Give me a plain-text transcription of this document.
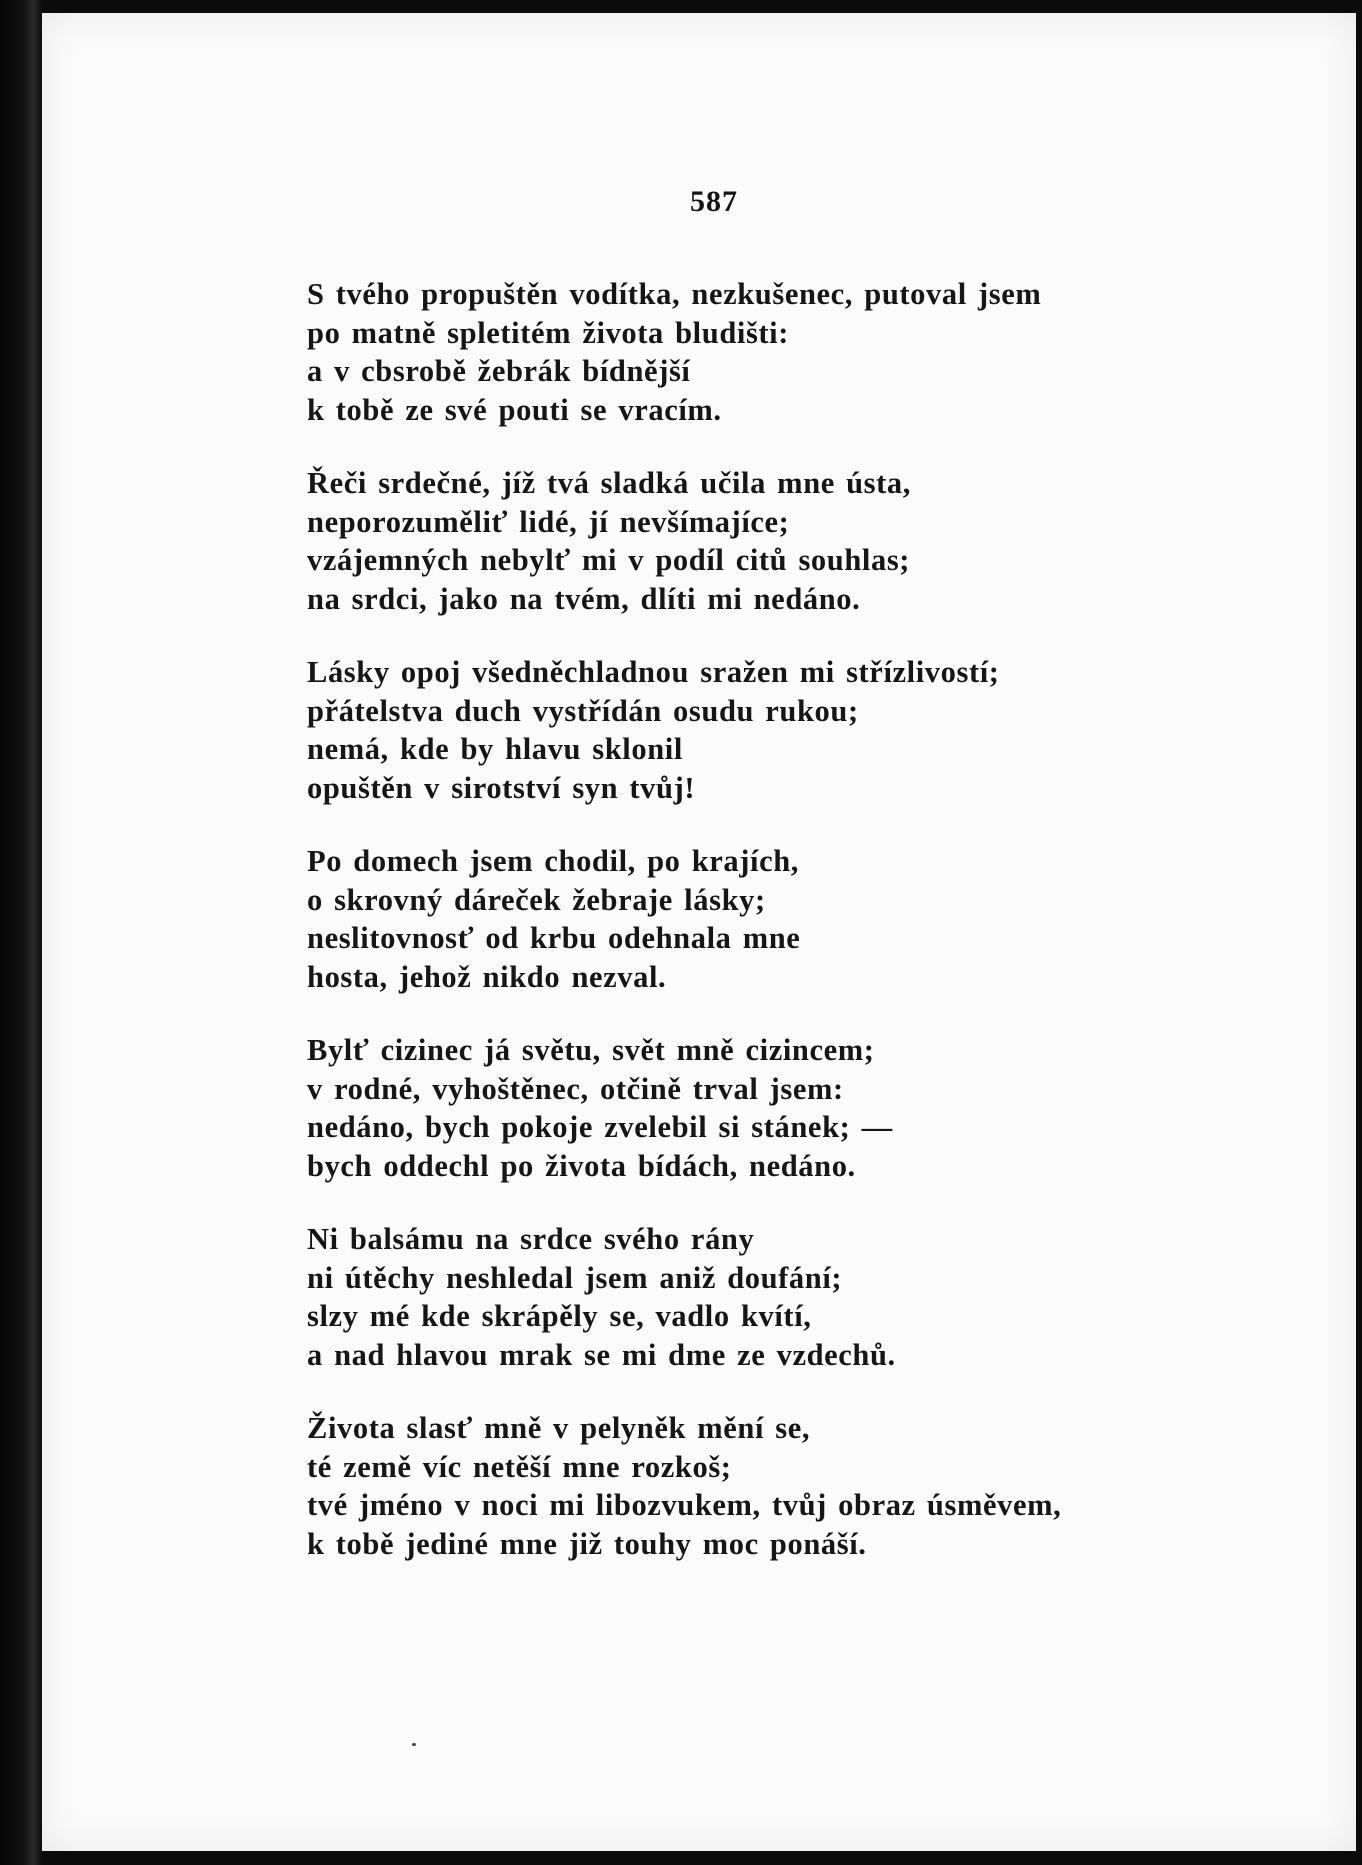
587
S tvého propuštěn vodítka, nezkušenec, putoval jsem
po matně spletitém života bludišti:
a v cbsrobě žebrák bídnější
k tobě ze své pouti se vracím.
Řeči srdečné, jíž tvá sladká učila mne ústa,
neporozuměliť lidé, jí nevšímajíce;
vzájemných nebylť mi v podíl citů souhlas;
na srdci, jako na tvém, dlíti mi nedáno.
Lásky opoj všedněchladnou sražen mi střízlivostí;
přátelstva duch vystřídán osudu rukou;
nemá, kde by hlavu sklonil
opuštěn v sirotství syn tvůj!
Po domech jsem chodil, po krajích,
o skrovný dáreček žebraje lásky;
neslitovnosť od krbu odehnala mne
hosta, jehož nikdo nezval.
Bylť cizinec já světu, svět mně cizincem;
v rodné, vyhoštěnec, otčině trval jsem:
nedáno, bych pokoje zvelebil si stánek; —
bych oddechl po života bídách, nedáno.
Ni balsámu na srdce svého rány
ni útěchy neshledal jsem aniž doufání;
slzy mé kde skrápěly se, vadlo kvítí,
a nad hlavou mrak se mi dme ze vzdechů.
Života slasť mně v pelyněk mění se,
té země víc netěší mne rozkoš;
tvé jméno v noci mi libozvukem, tvůj obraz úsměvem,
k tobě jediné mne již touhy moc ponáší.
